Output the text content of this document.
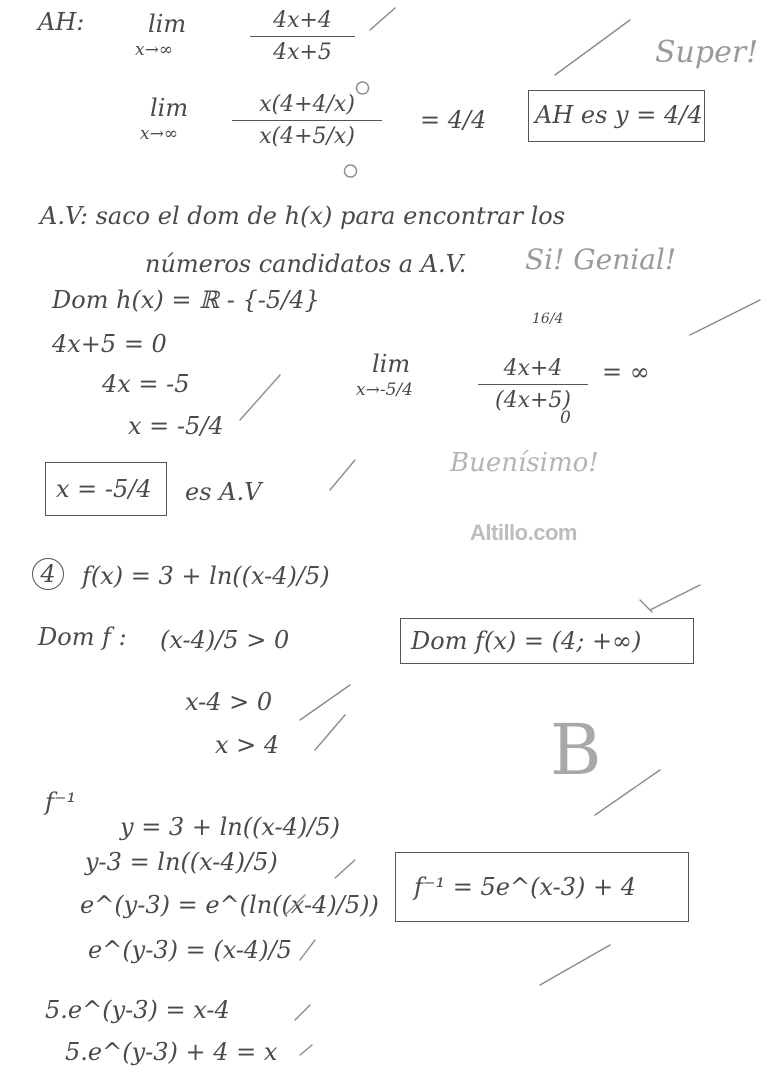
AH:	lim
x→∞
4x+4
4x+5
lim
x→∞
x(4+4/x)
x(4+5/x)
= 4/4 AH es y = 4/4
Super!
A.V: saco el dom de h(x) para encontrar los
números candidatos a A.V. Si! Genial!
Dom h(x) = ℝ - {-5/4}
4x+5 = 0
4x = -5
x = -5/4
lim
x→-5/4
16/4
4x+4
(4x+5)
0
= ∞
x = -5/4 es A.V
Buenísimo!
Altillo.com
4	f(x) = 3 + ln((x-4)/5)
Dom f : (x-4)/5 > 0
x-4 > 0
x > 4
Dom f(x) = (4; +∞)
B
f⁻¹
y = 3 + ln((x-4)/5)
y-3 = ln((x-4)/5)
e^(y-3) = e^(ln((x-4)/5))
e^(y-3) = (x-4)/5
5.e^(y-3) = x-4
5.e^(y-3) + 4 = x
f⁻¹ = 5e^(x-3) + 4
